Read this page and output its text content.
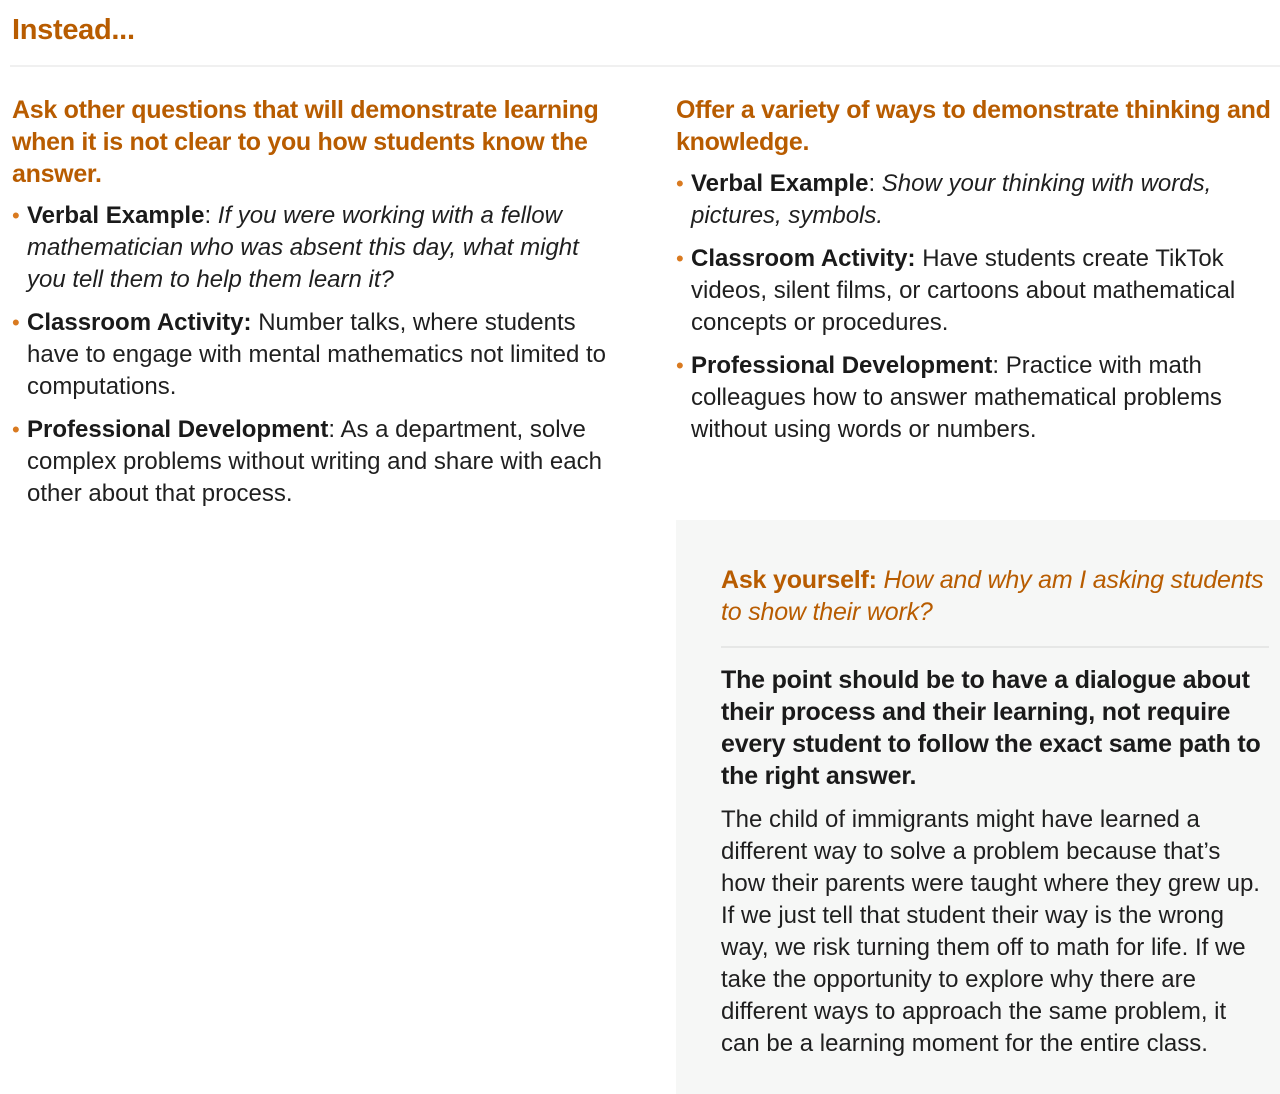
Instead...
Ask other questions that will demonstrate learning when it is not clear to you how students know the answer.
• Verbal Example: If you were working with a fellow mathematician who was absent this day, what might you tell them to help them learn it?
• Classroom Activity: Number talks, where students have to engage with mental mathematics not limited to computations.
• Professional Development: As a department, solve complex problems without writing and share with each other about that process.
Offer a variety of ways to demonstrate thinking and knowledge.
• Verbal Example: Show your thinking with words, pictures, symbols.
• Classroom Activity: Have students create TikTok videos, silent films, or cartoons about mathematical concepts or procedures.
• Professional Development: Practice with math colleagues how to answer mathematical problems without using words or numbers.

Ask yourself: How and why am I asking students to show their work?

The point should be to have a dialogue about their process and their learning, not require every student to follow the exact same path to the right answer.

The child of immigrants might have learned a different way to solve a problem because that’s how their parents were taught where they grew up. If we just tell that student their way is the wrong way, we risk turning them off to math for life. If we take the opportunity to explore why there are different ways to approach the same problem, it can be a learning moment for the entire class.
